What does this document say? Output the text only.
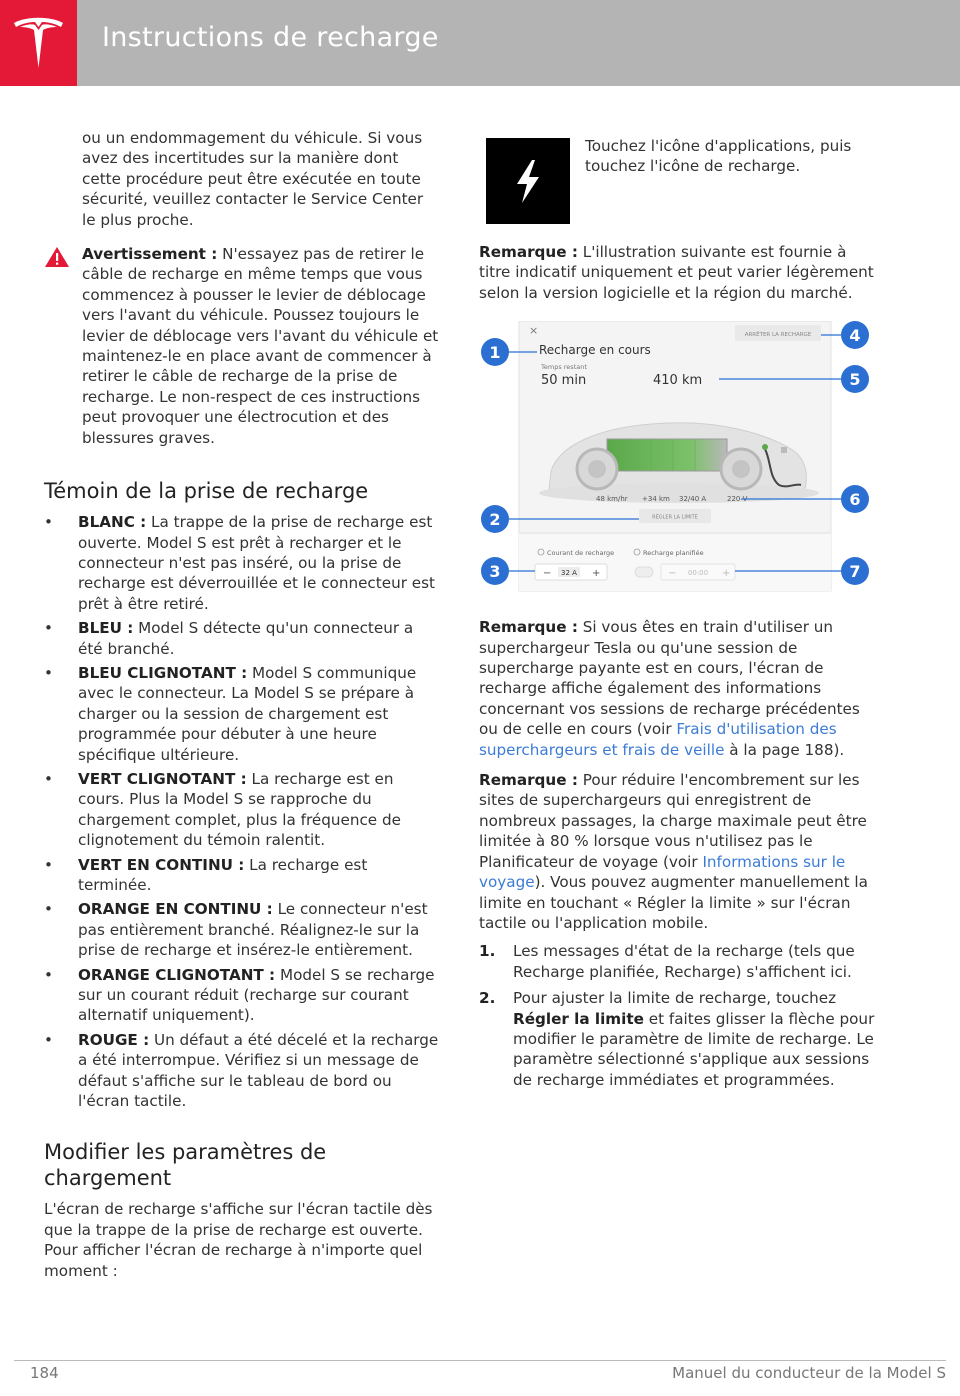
Instructions de recharge

ou un endommagement du véhicule. Si vous avez des incertitudes sur la manière dont cette procédure peut être exécutée en toute sécurité, veuillez contacter le Service Center le plus proche.

Avertissement : N'essayez pas de retirer le câble de recharge en même temps que vous commencez à pousser le levier de déblocage vers l'avant du véhicule. Poussez toujours le levier de déblocage vers l'avant du véhicule et maintenez-le en place avant de commencer à retirer le câble de recharge de la prise de recharge. Le non-respect de ces instructions peut provoquer une électrocution et des blessures graves.

Témoin de la prise de recharge
• BLANC : La trappe de la prise de recharge est ouverte. Model S est prêt à recharger et le connecteur n'est pas inséré, ou la prise de recharge est déverrouillée et le connecteur est prêt à être retiré.
• BLEU : Model S détecte qu'un connecteur a été branché.
• BLEU CLIGNOTANT : Model S communique avec le connecteur. La Model S se prépare à charger ou la session de chargement est programmée pour débuter à une heure spécifique ultérieure.
• VERT CLIGNOTANT : La recharge est en cours. Plus la Model S se rapproche du chargement complet, plus la fréquence de clignotement du témoin ralentit.
• VERT EN CONTINU : La recharge est terminée.
• ORANGE EN CONTINU : Le connecteur n'est pas entièrement branché. Réalignez-le sur la prise de recharge et insérez-le entièrement.
• ORANGE CLIGNOTANT : Model S se recharge sur un courant réduit (recharge sur courant alternatif uniquement).
• ROUGE : Un défaut a été décelé et la recharge a été interrompue. Vérifiez si un message de défaut s'affiche sur le tableau de bord ou l'écran tactile.
Modifier les paramètres de chargement

L'écran de recharge s'affiche sur l'écran tactile dès que la trappe de la prise de recharge est ouverte. Pour afficher l'écran de recharge à n'importe quel moment :

Touchez l'icône d'applications, puis touchez l'icône de recharge.

Remarque : L'illustration suivante est fournie à titre indicatif uniquement et peut varier légèrement selon la version logicielle et la région du marché.

×
Recharge en cours
ARRÊTER LA RECHARGE
Temps restant
50 min	410 km
48 km/hr +34 km 32/40 A	220 V
RÉGLER LA LIMITE
Courant de recharge	Recharge planifiée
− 32 A +	− 00:00 +
1
2
3
4
5
6
7

Remarque : Si vous êtes en train d'utiliser un superchargeur Tesla ou qu'une session de supercharge payante est en cours, l'écran de recharge affiche également des informations concernant vos sessions de recharge précédentes ou de celle en cours (voir Frais d'utilisation des superchargeurs et frais de veille à la page 188).

Remarque : Pour réduire l'encombrement sur les sites de superchargeurs qui enregistrent de nombreux passages, la charge maximale peut être limitée à 80 % lorsque vous n'utilisez pas le Planificateur de voyage (voir Informations sur le voyage). Vous pouvez augmenter manuellement la limite en touchant « Régler la limite » sur l'écran tactile ou l'application mobile.

1. Les messages d'état de la recharge (tels que Recharge planifiée, Recharge) s'affichent ici.
2. Pour ajuster la limite de recharge, touchez Régler la limite et faites glisser la flèche pour modifier le paramètre de limite de recharge. Le paramètre sélectionné s'applique aux sessions de recharge immédiates et programmées.
184	Manuel du conducteur de la Model S
